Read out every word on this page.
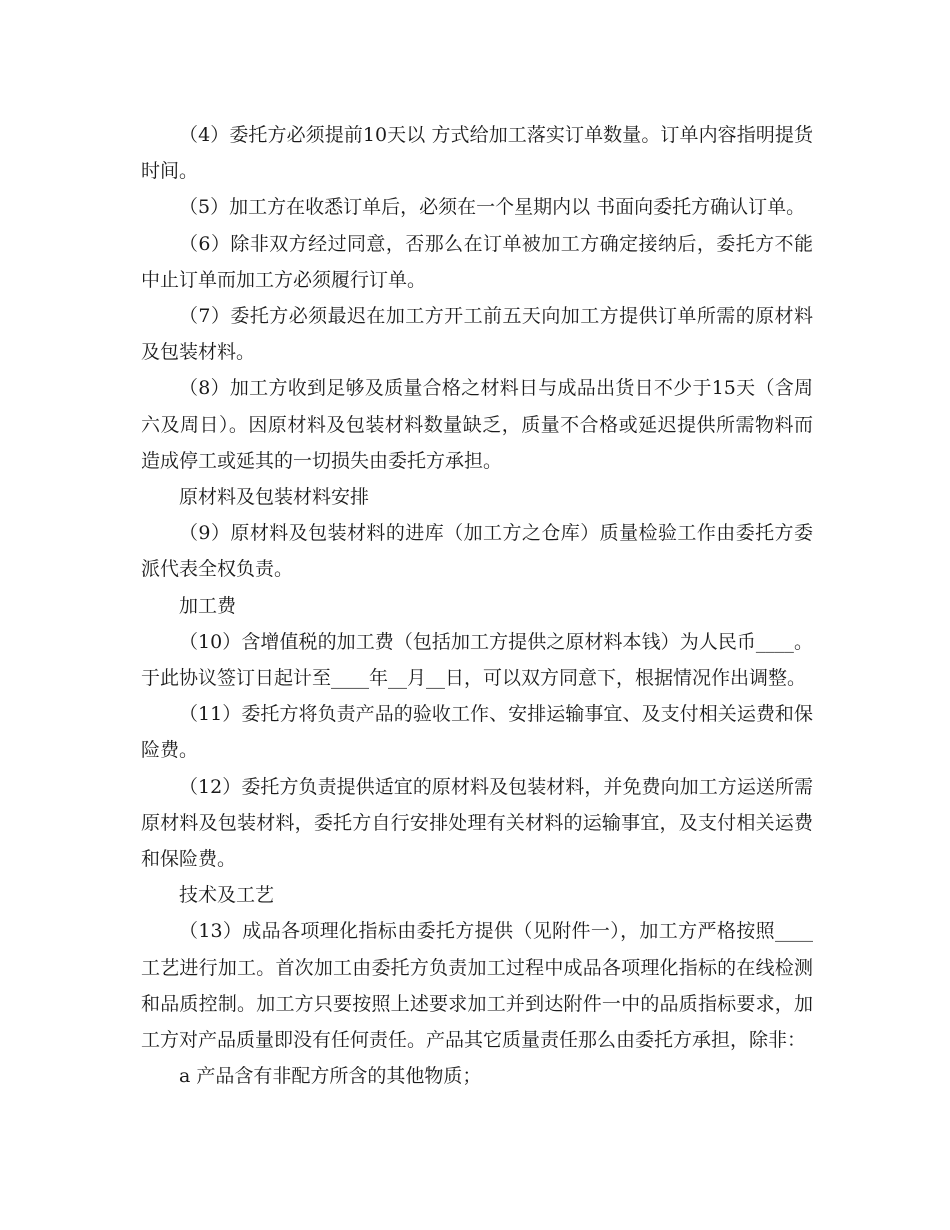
（4）委托方必须提前10天以 方式给加工落实订单数量。订单内容指明提货时间。

（5）加工方在收悉订单后，必须在一个星期内以 书面向委托方确认订单。

（6）除非双方经过同意，否那么在订单被加工方确定接纳后，委托方不能中止订单而加工方必须履行订单。

（7）委托方必须最迟在加工方开工前五天向加工方提供订单所需的原材料及包装材料。

（8）加工方收到足够及质量合格之材料日与成品出货日不少于15天（含周六及周日）。因原材料及包装材料数量缺乏，质量不合格或延迟提供所需物料而造成停工或延其的一切损失由委托方承担。

原材料及包装材料安排

（9）原材料及包装材料的进库（加工方之仓库）质量检验工作由委托方委派代表全权负责。

加工费

（10）含增值税的加工费（包括加工方提供之原材料本钱）为人民币____。于此协议签订日起计至____年__月__日，可以双方同意下，根据情况作出调整。

（11）委托方将负责产品的验收工作、安排运输事宜、及支付相关运费和保险费。

（12）委托方负责提供适宜的原材料及包装材料，并免费向加工方运送所需原材料及包装材料，委托方自行安排处理有关材料的运输事宜，及支付相关运费和保险费。

技术及工艺

（13）成品各项理化指标由委托方提供（见附件一），加工方严格按照____工艺进行加工。首次加工由委托方负责加工过程中成品各项理化指标的在线检测和品质控制。加工方只要按照上述要求加工并到达附件一中的品质指标要求，加工方对产品质量即没有任何责任。产品其它质量责任那么由委托方承担，除非：

a 产品含有非配方所含的其他物质；
